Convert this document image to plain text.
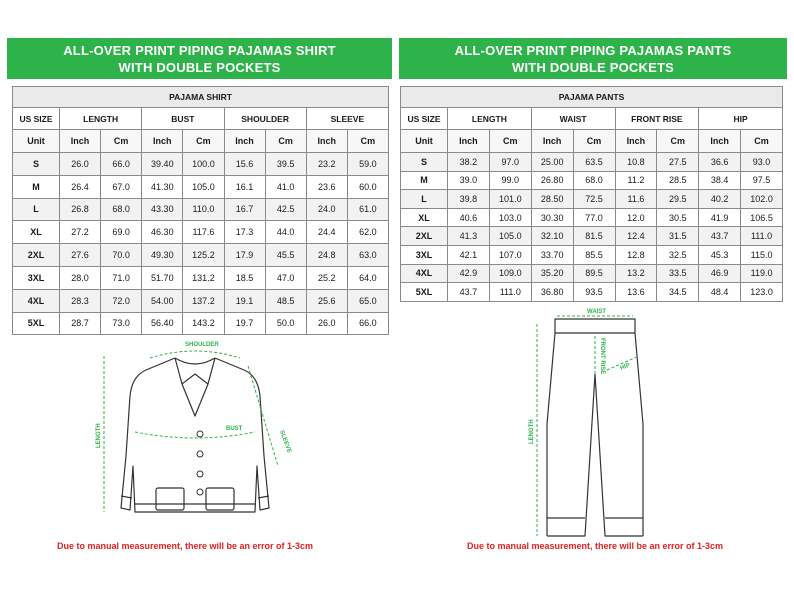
ALL-OVER PRINT PIPING PAJAMAS SHIRT
WITH DOUBLE POCKETS
ALL-OVER PRINT PIPING PAJAMAS PANTS
WITH DOUBLE POCKETS
PAJAMA SHIRT								
US SIZE	LENGTH		BUST		SHOULDER		SLEEVE	
Unit	Inch	Cm	Inch	Cm	Inch	Cm	Inch	Cm
S	26.0	66.0	39.40	100.0	15.6	39.5	23.2	59.0
M	26.4	67.0	41.30	105.0	16.1	41.0	23.6	60.0
L	26.8	68.0	43.30	110.0	16.7	42.5	24.0	61.0
XL	27.2	69.0	46.30	117.6	17.3	44.0	24.4	62.0
2XL	27.6	70.0	49.30	125.2	17.9	45.5	24.8	63.0
3XL	28.0	71.0	51.70	131.2	18.5	47.0	25.2	64.0
4XL	28.3	72.0	54.00	137.2	19.1	48.5	25.6	65.0
5XL	28.7	73.0	56.40	143.2	19.7	50.0	26.0	66.0
PAJAMA PANTS								
US SIZE	LENGTH		WAIST		FRONT RISE		HIP	
Unit	Inch	Cm	Inch	Cm	Inch	Cm	Inch	Cm
S	38.2	97.0	25.00	63.5	10.8	27.5	36.6	93.0
M	39.0	99.0	26.80	68.0	11.2	28.5	38.4	97.5
L	39.8	101.0	28.50	72.5	11.6	29.5	40.2	102.0
XL	40.6	103.0	30.30	77.0	12.0	30.5	41.9	106.5
2XL	41.3	105.0	32.10	81.5	12.4	31.5	43.7	111.0
3XL	42.1	107.0	33.70	85.5	12.8	32.5	45.3	115.0
4XL	42.9	109.0	35.20	89.5	13.2	33.5	46.9	119.0
5XL	43.7	111.0	36.80	93.5	13.6	34.5	48.4	123.0
SHOULDER
BUST
SLEEVE
LENGTH
WAIST
FRONT RISE HIP
LENGTH
Due to manual measurement, there will be an error of 1-3cm	Due to manual measurement, there will be an error of 1-3cm
